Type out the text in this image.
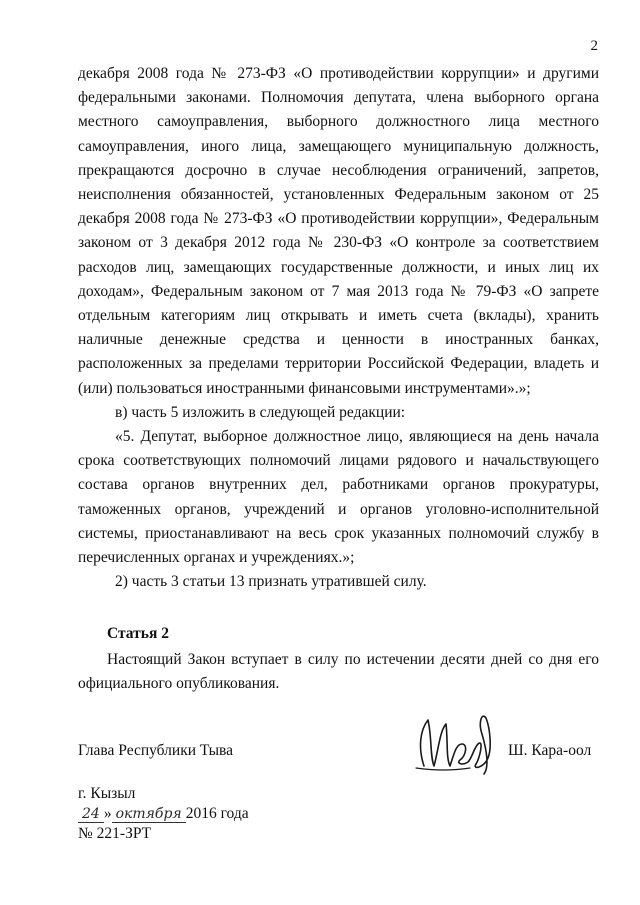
2

декабря 2008 года № 273-ФЗ «О противодействии коррупции» и другими федеральными законами. Полномочия депутата, члена выборного органа местного самоуправления, выборного должностного лица местного самоуправления, иного лица, замещающего муниципальную должность, прекращаются досрочно в случае несоблюдения ограничений, запретов, неисполнения обязанностей, установленных Федеральным законом от 25 декабря 2008 года № 273-ФЗ «О противодействии коррупции», Федеральным законом от 3 декабря 2012 года № 230-ФЗ «О контроле за соответствием расходов лиц, замещающих государственные должности, и иных лиц их доходам», Федеральным законом от 7 мая 2013 года № 79-ФЗ «О запрете отдельным категориям лиц открывать и иметь счета (вклады), хранить наличные денежные средства и ценности в иностранных банках, расположенных за пределами территории Российской Федерации, владеть и (или) пользоваться иностранными финансовыми инструментами».»;

в) часть 5 изложить в следующей редакции:

«5. Депутат, выборное должностное лицо, являющиеся на день начала срока соответствующих полномочий лицами рядового и начальствующего состава органов внутренних дел, работниками органов прокуратуры, таможенных органов, учреждений и органов уголовно-исполнительной системы, приостанавливают на весь срок указанных полномочий службу в перечисленных органах и учреждениях.»;

2) часть 3 статьи 13 признать утратившей силу.

Статья 2
Настоящий Закон вступает в силу по истечении десяти дней со дня его официального опубликования.
Глава Республики Тыва	Ш. Кара-оол
г. Кызыл
24 » октября 2016 года
№ 221-ЗРТ
